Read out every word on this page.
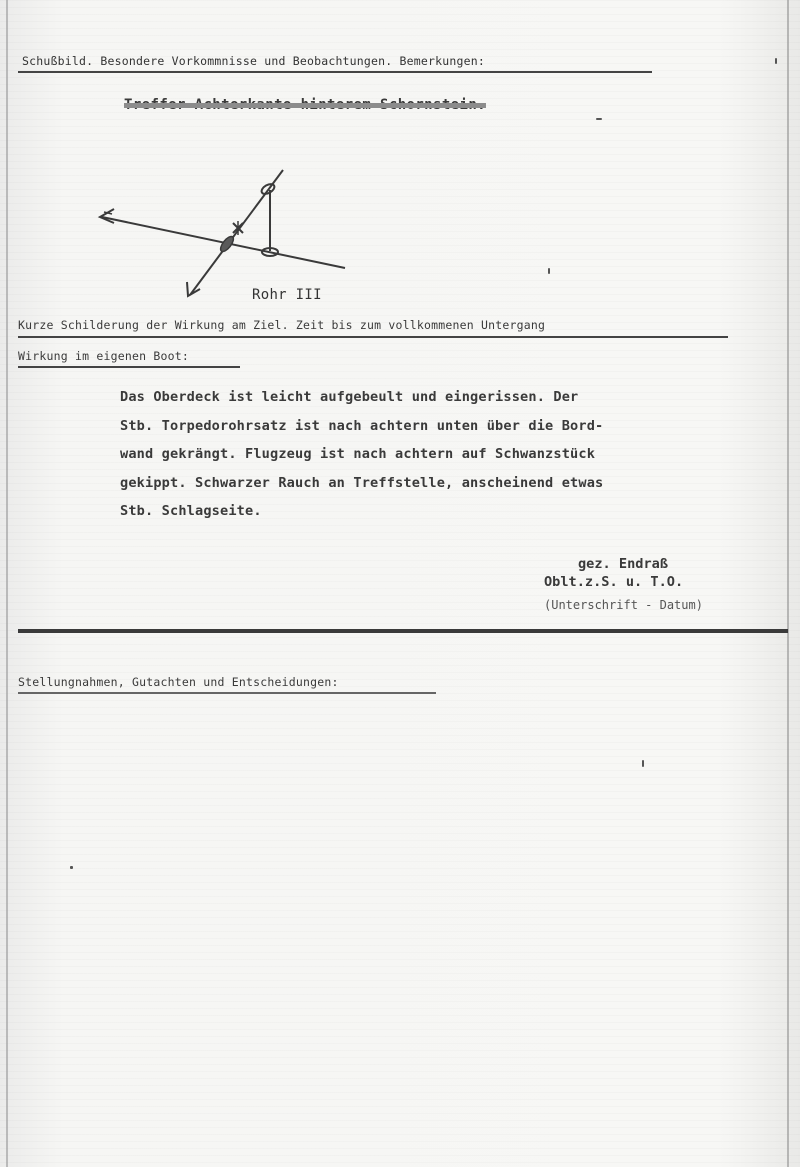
Schußbild. Besondere Vorkommnisse und Beobachtungen. Bemerkungen:
Treffer Achterkante hinterem Schornstein.
Rohr III
Kurze Schilderung der Wirkung am Ziel. Zeit bis zum vollkommenen Untergang
Wirkung im eigenen Boot:
Das Oberdeck ist leicht aufgebeult und eingerissen. Der
Stb. Torpedorohrsatz ist nach achtern unten über die Bord-
wand gekrängt. Flugzeug ist nach achtern auf Schwanzstück
gekippt. Schwarzer Rauch an Treffstelle, anscheinend etwas
Stb. Schlagseite.
gez. Endraß
Oblt.z.S. u. T.O.
(Unterschrift - Datum)
Stellungnahmen, Gutachten und Entscheidungen:
